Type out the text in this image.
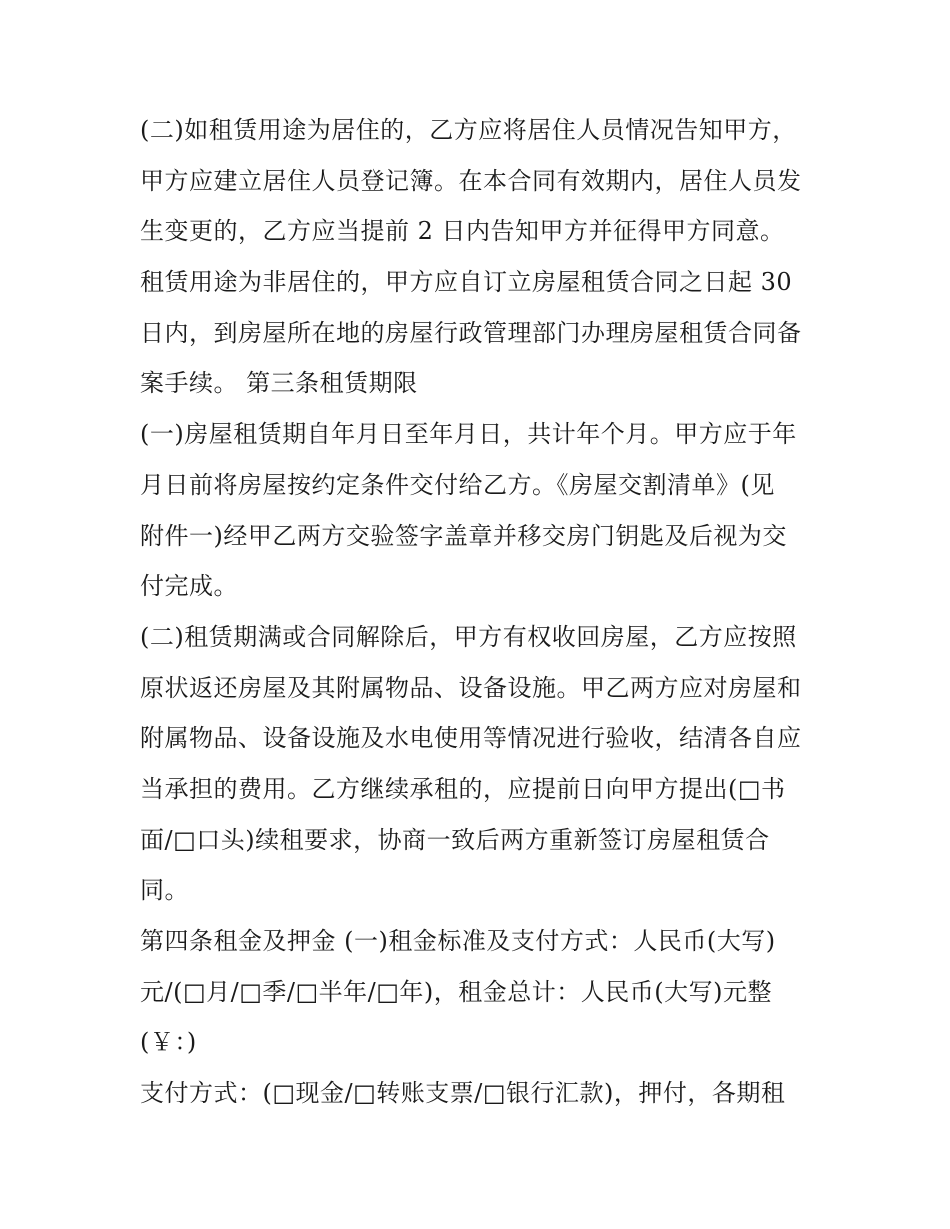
(二)如租赁用途为居住的，乙方应将居住人员情况告知甲方，
甲方应建立居住人员登记簿。在本合同有效期内，居住人员发
生变更的，乙方应当提前 2 日内告知甲方并征得甲方同意。
租赁用途为非居住的，甲方应自订立房屋租赁合同之日起 30
日内，到房屋所在地的房屋行政管理部门办理房屋租赁合同备
案手续。 第三条租赁期限
(一)房屋租赁期自年月日至年月日，共计年个月。甲方应于年
月日前将房屋按约定条件交付给乙方。《房屋交割清单》(见
附件一)经甲乙两方交验签字盖章并移交房门钥匙及后视为交
付完成。
(二)租赁期满或合同解除后，甲方有权收回房屋，乙方应按照
原状返还房屋及其附属物品、设备设施。甲乙两方应对房屋和
附属物品、设备设施及水电使用等情况进行验收，结清各自应
当承担的费用。乙方继续承租的，应提前日向甲方提出(□书
面/□口头)续租要求，协商一致后两方重新签订房屋租赁合
同。
第四条租金及押金 (一)租金标准及支付方式：人民币(大写)
元/(□月/□季/□半年/□年)，租金总计：人民币(大写)元整
(￥：)
支付方式：(□现金/□转账支票/□银行汇款)，押付，各期租
